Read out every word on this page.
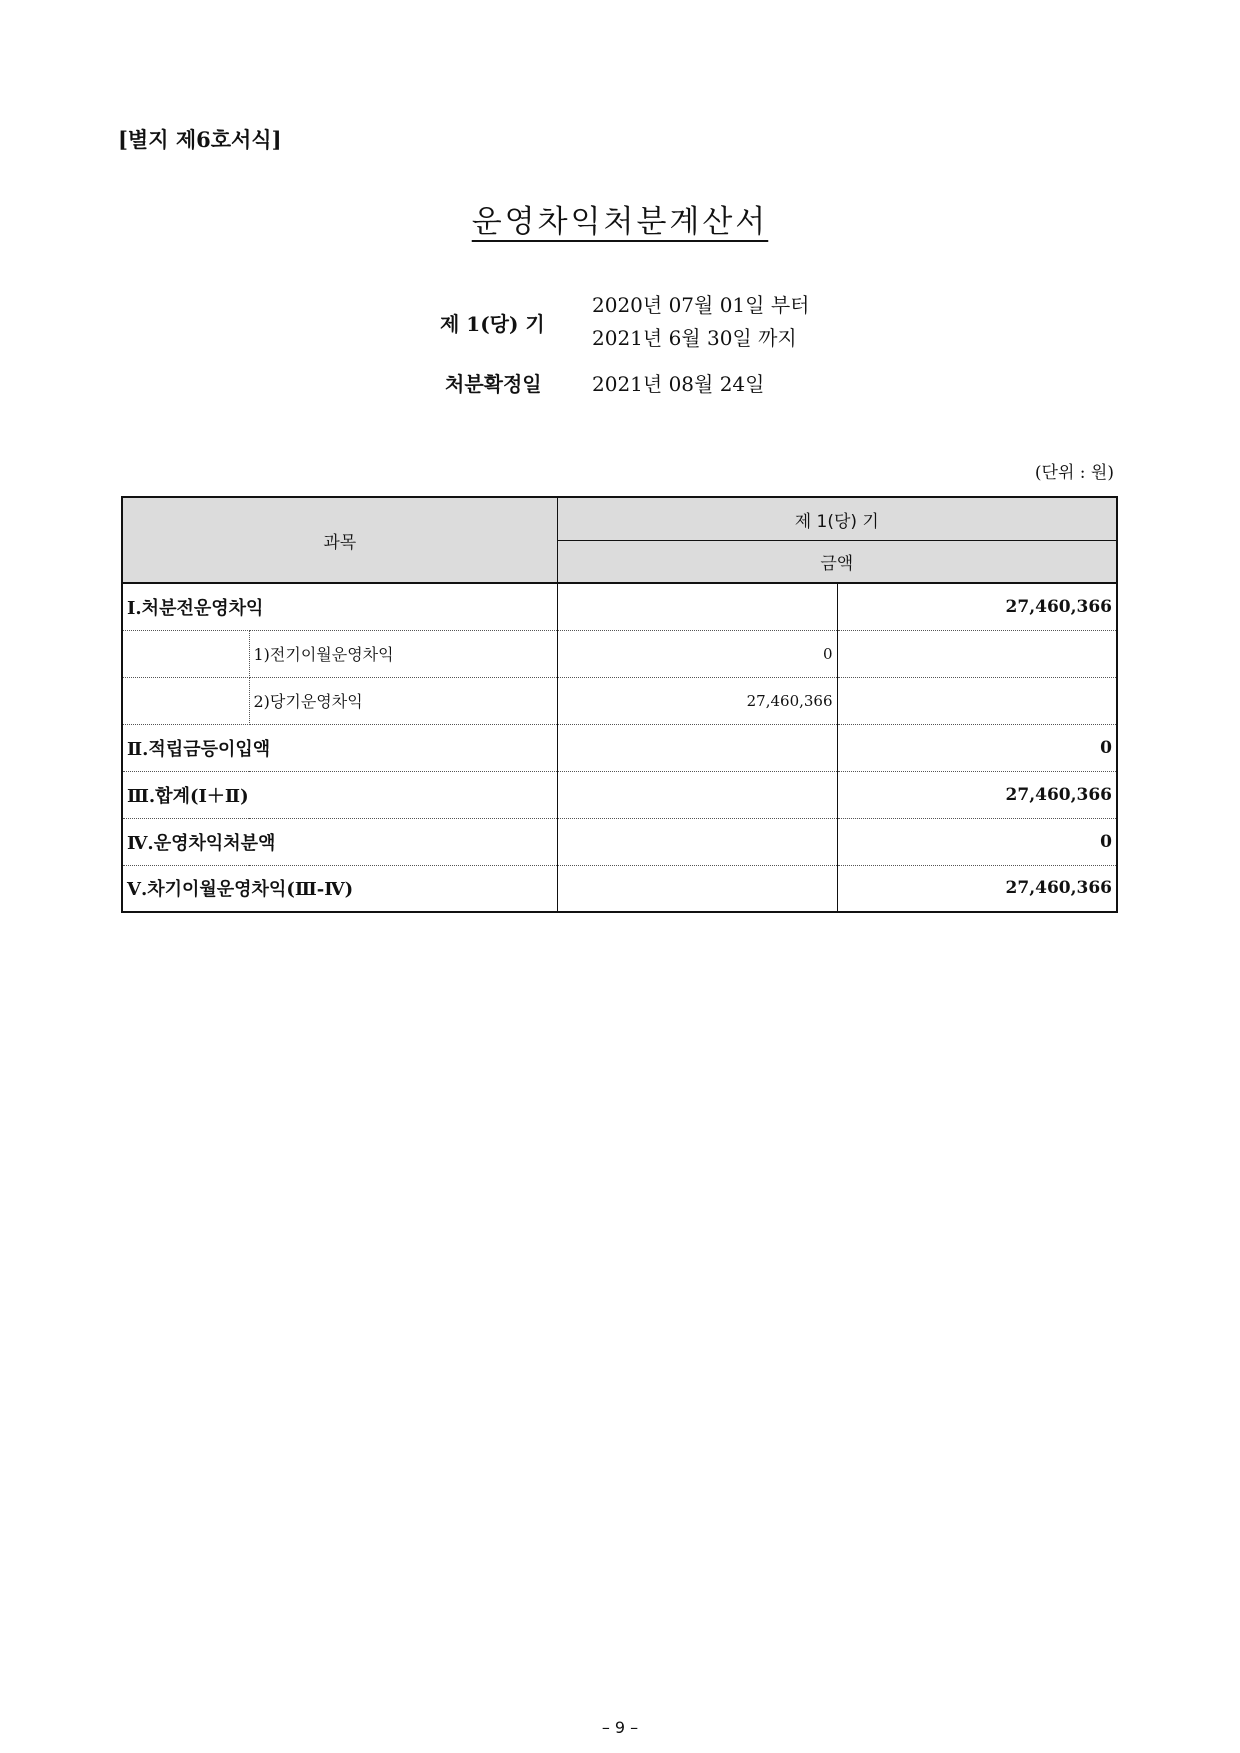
[별지 제6호서식]
운영차익처분계산서
제 1(당) 기
2020년 07월 01일 부터
2021년 6월 30일 까지
처분확정일	2021년 08월 24일
(단위 : 원)
과목		제 1(당) 기	
		금액	
Ⅰ.처분전운영차익			27,460,366
	1)전기이월운영차익	0	
	2)당기운영차익	27,460,366	
Ⅱ.적립금등이입액			0
Ⅲ.합계(Ⅰ＋Ⅱ)			27,460,366
Ⅳ.운영차익처분액			0
Ⅴ.차기이월운영차익(Ⅲ-Ⅳ)			27,460,366
– 9 –
